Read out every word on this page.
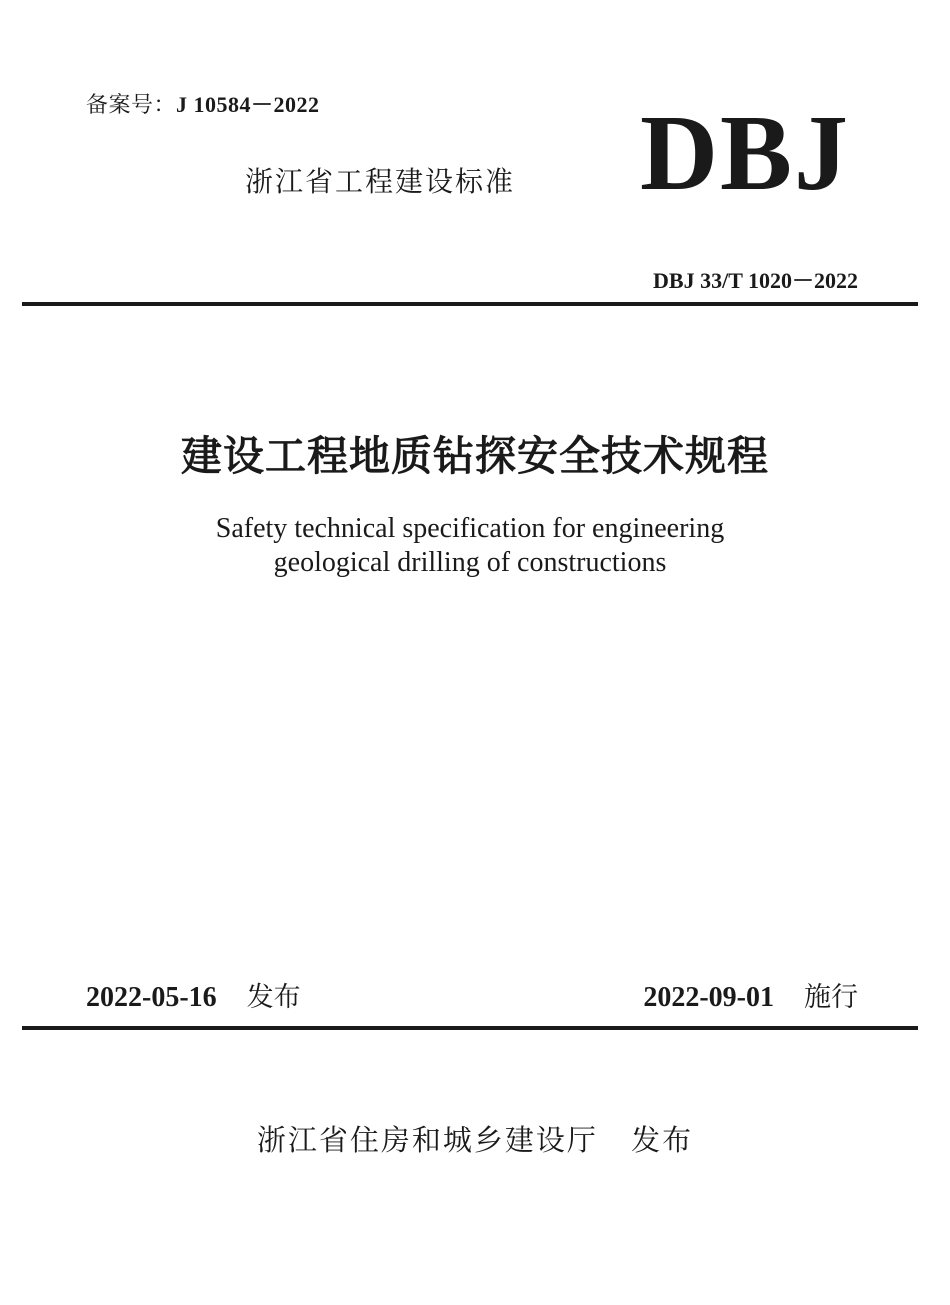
备案号：J 10584－2022
浙江省工程建设标准 DBJ
DBJ 33/T 1020－2022
建设工程地质钻探安全技术规程
Safety technical specification for engineering
geological drilling of constructions
2022-05-16 发布	2022-09-01 施行
浙江省住房和城乡建设厅 发布
